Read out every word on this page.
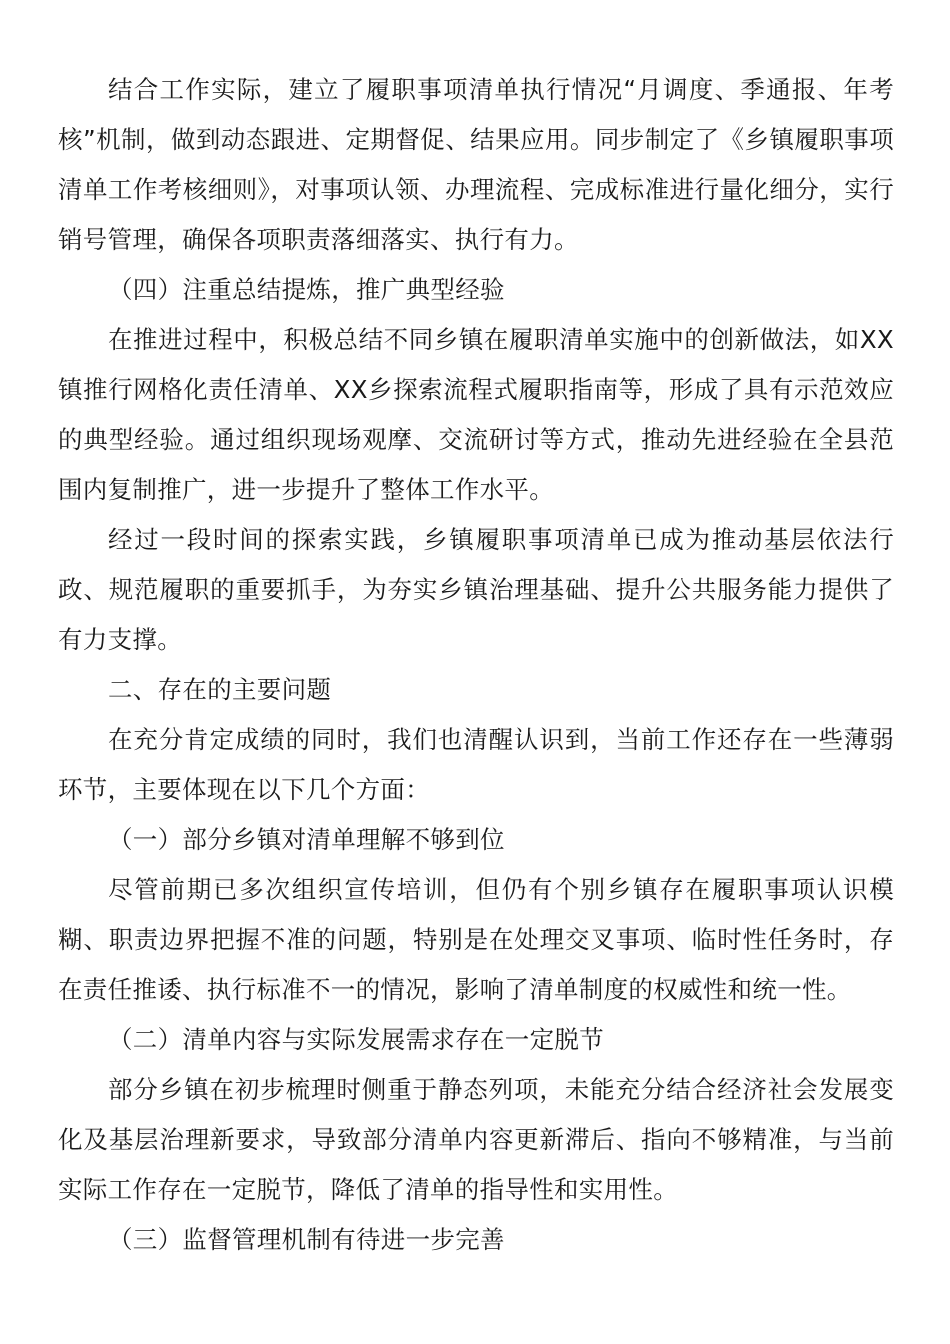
结合工作实际，建立了履职事项清单执行情况“月调度、季通报、年考核”机制，做到动态跟进、定期督促、结果应用。同步制定了《乡镇履职事项清单工作考核细则》，对事项认领、办理流程、完成标准进行量化细分，实行销号管理，确保各项职责落细落实、执行有力。

（四）注重总结提炼，推广典型经验

在推进过程中，积极总结不同乡镇在履职清单实施中的创新做法，如XX镇推行网格化责任清单、XX乡探索流程式履职指南等，形成了具有示范效应的典型经验。通过组织现场观摩、交流研讨等方式，推动先进经验在全县范围内复制推广，进一步提升了整体工作水平。

经过一段时间的探索实践，乡镇履职事项清单已成为推动基层依法行政、规范履职的重要抓手，为夯实乡镇治理基础、提升公共服务能力提供了有力支撑。

二、存在的主要问题

在充分肯定成绩的同时，我们也清醒认识到，当前工作还存在一些薄弱环节，主要体现在以下几个方面：

（一）部分乡镇对清单理解不够到位

尽管前期已多次组织宣传培训，但仍有个别乡镇存在履职事项认识模糊、职责边界把握不准的问题，特别是在处理交叉事项、临时性任务时，存在责任推诿、执行标准不一的情况，影响了清单制度的权威性和统一性。

（二）清单内容与实际发展需求存在一定脱节

部分乡镇在初步梳理时侧重于静态列项，未能充分结合经济社会发展变化及基层治理新要求，导致部分清单内容更新滞后、指向不够精准，与当前实际工作存在一定脱节，降低了清单的指导性和实用性。

（三）监督管理机制有待进一步完善
